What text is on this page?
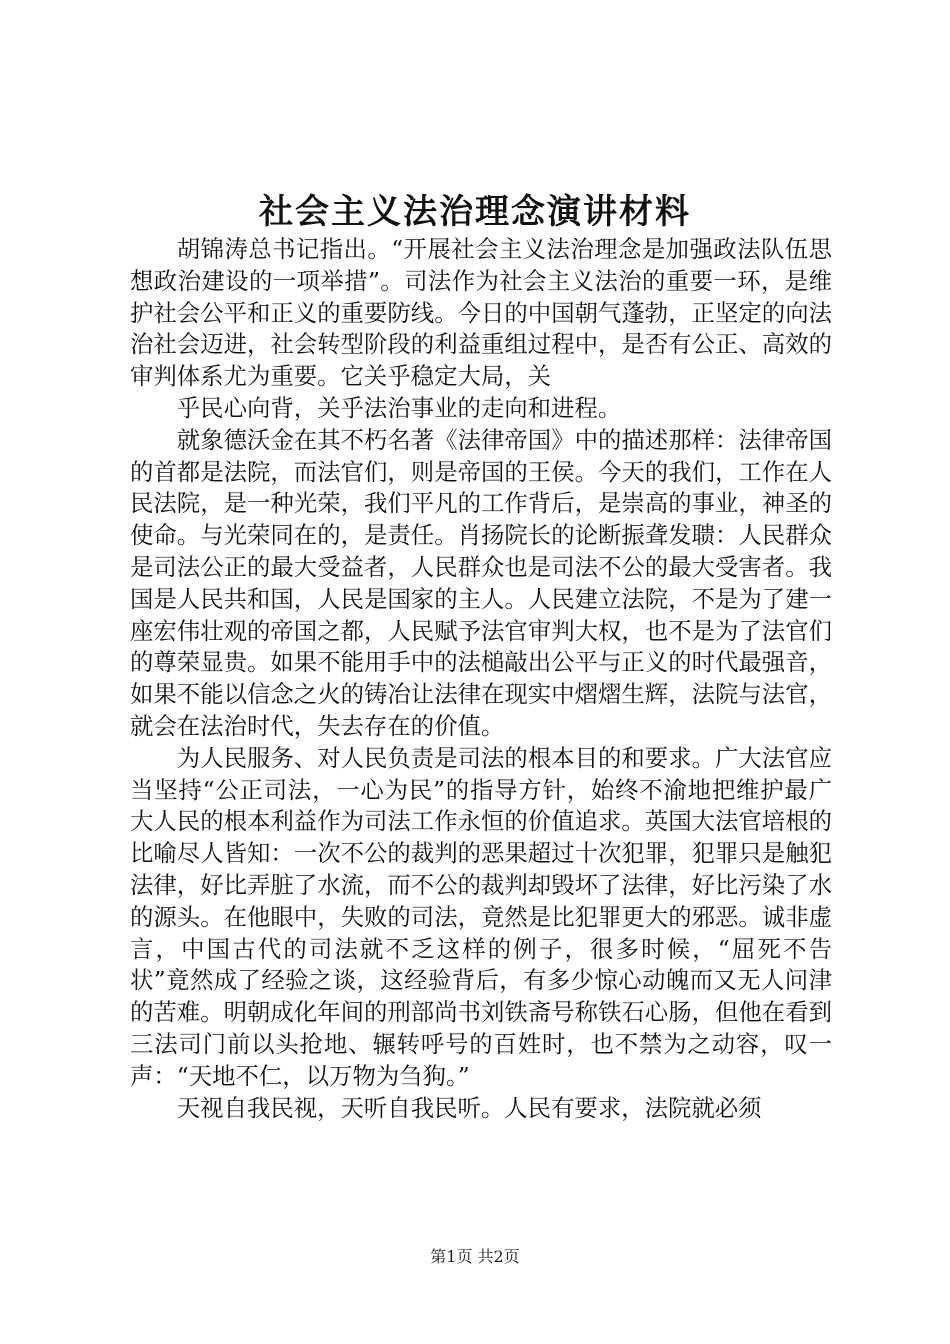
社会主义法治理念演讲材料

胡锦涛总书记指出。“开展社会主义法治理念是加强政法队伍思想政治建设的一项举措”。司法作为社会主义法治的重要一环，是维护社会公平和正义的重要防线。今日的中国朝气蓬勃，正坚定的向法治社会迈进，社会转型阶段的利益重组过程中，是否有公正、高效的审判体系尤为重要。它关乎稳定大局，关

乎民心向背，关乎法治事业的走向和进程。

就象德沃金在其不朽名著《法律帝国》中的描述那样：法律帝国的首都是法院，而法官们，则是帝国的王侯。今天的我们，工作在人民法院，是一种光荣，我们平凡的工作背后，是崇高的事业，神圣的使命。与光荣同在的，是责任。肖扬院长的论断振聋发聩：人民群众是司法公正的最大受益者，人民群众也是司法不公的最大受害者。我国是人民共和国，人民是国家的主人。人民建立法院，不是为了建一座宏伟壮观的帝国之都，人民赋予法官审判大权，也不是为了法官们的尊荣显贵。如果不能用手中的法槌敲出公平与正义的时代最强音，如果不能以信念之火的铸冶让法律在现实中熠熠生辉，法院与法官，就会在法治时代，失去存在的价值。

为人民服务、对人民负责是司法的根本目的和要求。广大法官应当坚持“公正司法，一心为民”的指导方针，始终不渝地把维护最广大人民的根本利益作为司法工作永恒的价值追求。英国大法官培根的比喻尽人皆知：一次不公的裁判的恶果超过十次犯罪，犯罪只是触犯法律，好比弄脏了水流，而不公的裁判却毁坏了法律，好比污染了水的源头。在他眼中，失败的司法，竟然是比犯罪更大的邪恶。诚非虚言，中国古代的司法就不乏这样的例子，很多时候，“屈死不告状”竟然成了经验之谈，这经验背后，有多少惊心动魄而又无人问津的苦难。明朝成化年间的刑部尚书刘铁斋号称铁石心肠，但他在看到三法司门前以头抢地、辗转呼号的百姓时，也不禁为之动容，叹一声：“天地不仁，以万物为刍狗。”

天视自我民视，天听自我民听。人民有要求，法院就必须

第1页 共2页
